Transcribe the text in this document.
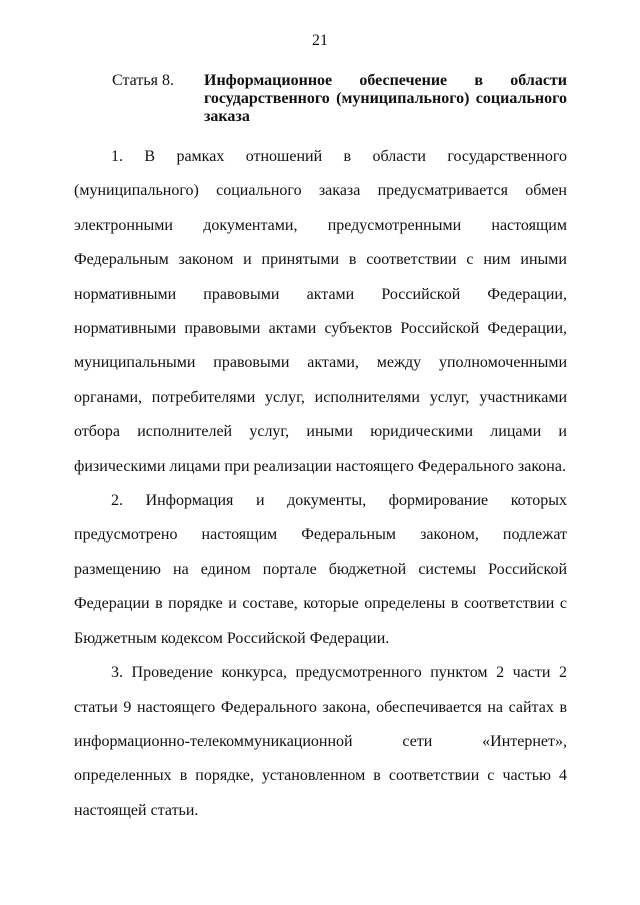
21
Статья 8.	Информационное обеспечение в области государственного (муниципального) социального заказа

1. В рамках отношений в области государственного (муниципального) социального заказа предусматривается обмен электронными документами, предусмотренными настоящим Федеральным законом и принятыми в соответствии с ним иными нормативными правовыми актами Российской Федерации, нормативными правовыми актами субъектов Российской Федерации, муниципальными правовыми актами, между уполномоченными органами, потребителями услуг, исполнителями услуг, участниками отбора исполнителей услуг, иными юридическими лицами и физическими лицами при реализации настоящего Федерального закона.

2. Информация и документы, формирование которых предусмотрено настоящим Федеральным законом, подлежат размещению на едином портале бюджетной системы Российской Федерации в порядке и составе, которые определены в соответствии с Бюджетным кодексом Российской Федерации.

3. Проведение конкурса, предусмотренного пунктом 2 части 2 статьи 9 настоящего Федерального закона, обеспечивается на сайтах в информационно-телекоммуникационной сети «Интернет», определенных в порядке, установленном в соответствии с частью 4 настоящей статьи.
